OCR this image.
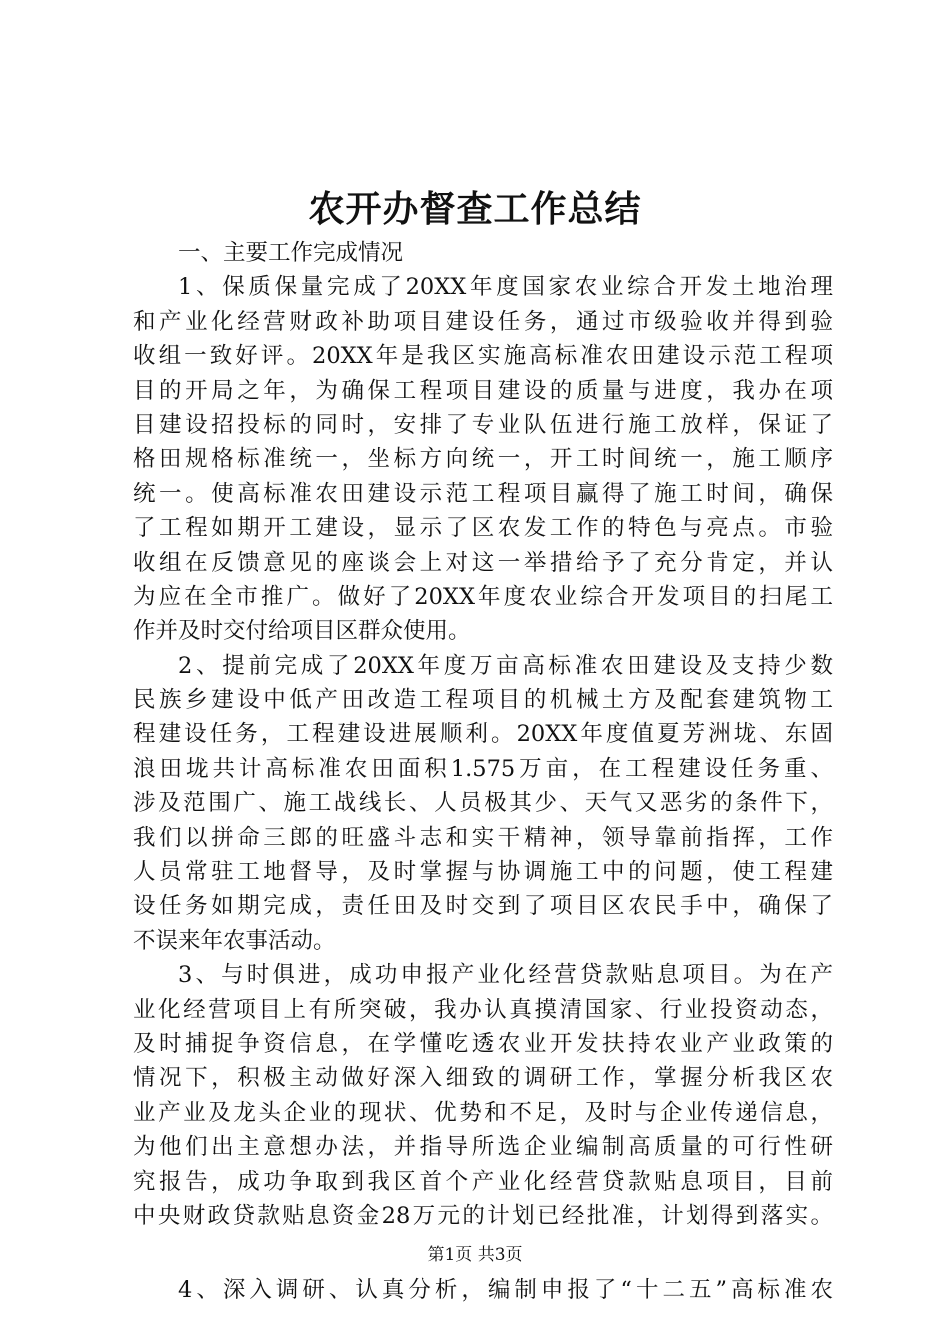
农开办督查工作总结
一、主要工作完成情况
1、保质保量完成了20XX年度国家农业综合开发土地治理
和产业化经营财政补助项目建设任务，通过市级验收并得到验
收组一致好评。20XX年是我区实施高标准农田建设示范工程项
目的开局之年，为确保工程项目建设的质量与进度，我办在项
目建设招投标的同时，安排了专业队伍进行施工放样，保证了
格田规格标准统一，坐标方向统一，开工时间统一，施工顺序
统一。使高标准农田建设示范工程项目赢得了施工时间，确保
了工程如期开工建设，显示了区农发工作的特色与亮点。市验
收组在反馈意见的座谈会上对这一举措给予了充分肯定，并认
为应在全市推广。做好了20XX年度农业综合开发项目的扫尾工
作并及时交付给项目区群众使用。
2、提前完成了20XX年度万亩高标准农田建设及支持少数
民族乡建设中低产田改造工程项目的机械土方及配套建筑物工
程建设任务，工程建设进展顺利。20XX年度值夏芳洲垅、东固
浪田垅共计高标准农田面积1.575万亩，在工程建设任务重、
涉及范围广、施工战线长、人员极其少、天气又恶劣的条件下，
我们以拼命三郎的旺盛斗志和实干精神，领导靠前指挥，工作
人员常驻工地督导，及时掌握与协调施工中的问题，使工程建
设任务如期完成，责任田及时交到了项目区农民手中，确保了
不误来年农事活动。
3、与时俱进，成功申报产业化经营贷款贴息项目。为在产
业化经营项目上有所突破，我办认真摸清国家、行业投资动态，
及时捕捉争资信息，在学懂吃透农业开发扶持农业产业政策的
情况下，积极主动做好深入细致的调研工作，掌握分析我区农
业产业及龙头企业的现状、优势和不足，及时与企业传递信息，
为他们出主意想办法，并指导所选企业编制高质量的可行性研
究报告，成功争取到我区首个产业化经营贷款贴息项目，目前
中央财政贷款贴息资金28万元的计划已经批准，计划得到落实。
4、深入调研、认真分析，编制申报了“十二五”高标准农
第1页 共3页
